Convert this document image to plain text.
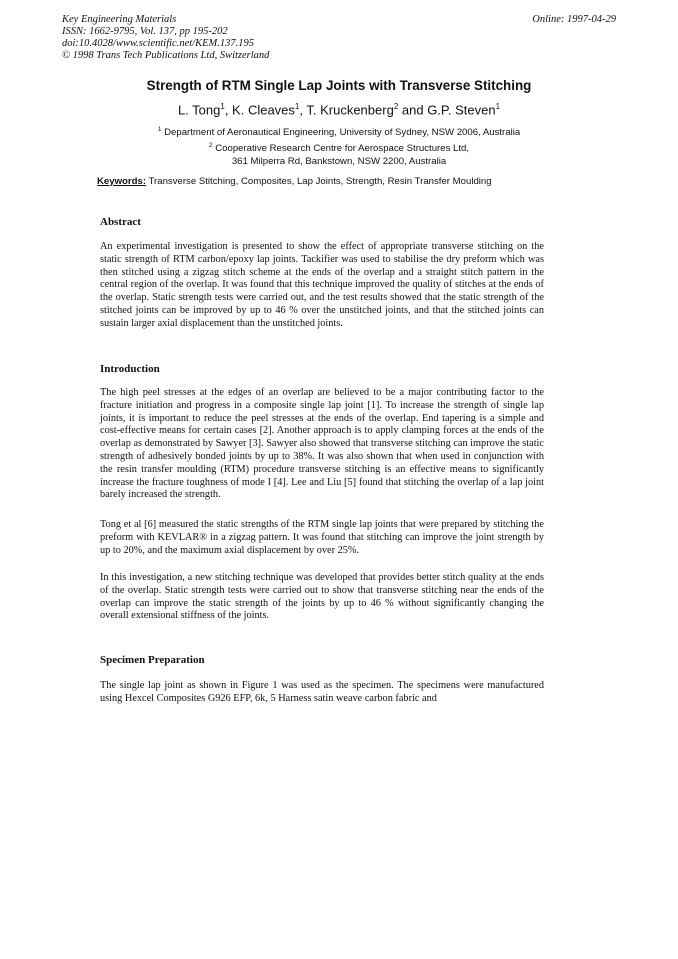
Key Engineering Materials
ISSN: 1662-9795, Vol. 137, pp 195-202
doi:10.4028/www.scientific.net/KEM.137.195
© 1998 Trans Tech Publications Ltd, Switzerland
Online: 1997-04-29
Strength of RTM Single Lap Joints with Transverse Stitching
L. Tong$^1$, K. Cleaves$^1$, T. Kruckenberg$^2$ and G.P. Steven$^1$
$^1$ Department of Aeronautical Engineering, University of Sydney, NSW 2006, Australia
$^2$ Cooperative Research Centre for Aerospace Structures Ltd,
361 Milperra Rd, Bankstown, NSW 2200, Australia
Keywords: Transverse Stitching, Composites, Lap Joints, Strength, Resin Transfer Moulding
Abstract
An experimental investigation is presented to show the effect of appropriate transverse stitching on the static strength of RTM carbon/epoxy lap joints. Tackifier was used to stabilise the dry preform which was then stitched using a zigzag stitch scheme at the ends of the overlap and a straight stitch pattern in the central region of the overlap. It was found that this technique improved the quality of stitches at the ends of the overlap. Static strength tests were carried out, and the test results showed that the static strength of the stitched joints can be improved by up to 46 % over the unstitched joints, and that the stitched joints can sustain larger axial displacement than the unstitched joints.
Introduction
The high peel stresses at the edges of an overlap are believed to be a major contributing factor to the fracture initiation and progress in a composite single lap joint [1]. To increase the strength of single lap joints, it is important to reduce the peel stresses at the ends of the overlap. End tapering is a simple and cost-effective means for certain cases [2]. Another approach is to apply clamping forces at the ends of the overlap as demonstrated by Sawyer [3]. Sawyer also showed that transverse stitching can improve the static strength of adhesively bonded joints by up to 38%. It was also shown that when used in conjunction with the resin transfer moulding (RTM) procedure transverse stitching is an effective means to significantly increase the fracture toughness of mode I [4]. Lee and Liu [5] found that stitching the overlap of a lap joint barely increased the strength.
Tong et al [6] measured the static strengths of the RTM single lap joints that were prepared by stitching the preform with KEVLAR® in a zigzag pattern. It was found that stitching can improve the joint strength by up to 20%, and the maximum axial displacement by over 25%.
In this investigation, a new stitching technique was developed that provides better stitch quality at the ends of the overlap. Static strength tests were carried out to show that transverse stitching near the ends of the overlap can improve the static strength of the joints by up to 46 % without significantly changing the overall extensional stiffness of the joints.
Specimen Preparation
The single lap joint as shown in Figure 1 was used as the specimen. The specimens were manufactured using Hexcel Composites G926 EFP, 6k, 5 Harness satin weave carbon fabric and
